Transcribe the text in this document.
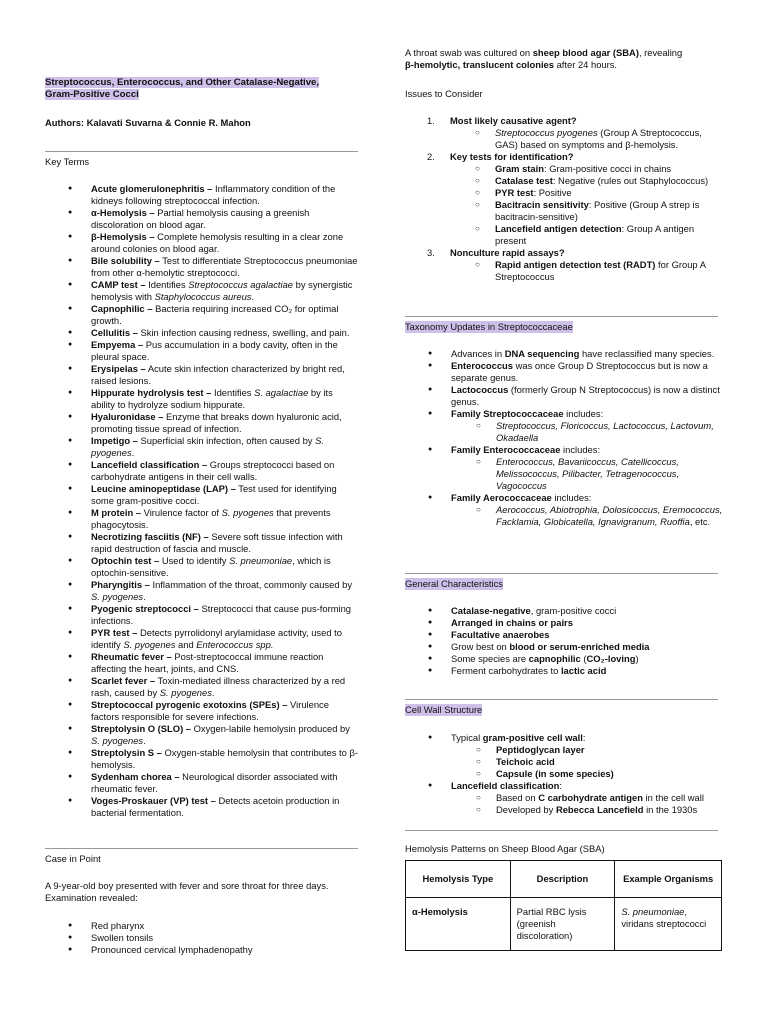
Streptococcus, Enterococcus, and Other Catalase-Negative,
Gram-Positive Cocci
Authors: Kalavati Suvarna & Connie R. Mahon
Key Terms
● Acute glomerulonephritis – Inflammatory condition of the kidneys following streptococcal infection.
● α-Hemolysis – Partial hemolysis causing a greenish discoloration on blood agar.
● β-Hemolysis – Complete hemolysis resulting in a clear zone around colonies on blood agar.
● Bile solubility – Test to differentiate Streptococcus pneumoniae from other α-hemolytic streptococci.
● CAMP test – Identifies Streptococcus agalactiae by synergistic hemolysis with Staphylococcus aureus.
● Capnophilic – Bacteria requiring increased CO₂ for optimal growth.
● Cellulitis – Skin infection causing redness, swelling, and pain.
● Empyema – Pus accumulation in a body cavity, often in the pleural space.
● Erysipelas – Acute skin infection characterized by bright red, raised lesions.
● Hippurate hydrolysis test – Identifies S. agalactiae by its ability to hydrolyze sodium hippurate.
● Hyaluronidase – Enzyme that breaks down hyaluronic acid, promoting tissue spread of infection.
● Impetigo – Superficial skin infection, often caused by S. pyogenes.
● Lancefield classification – Groups streptococci based on carbohydrate antigens in their cell walls.
● Leucine aminopeptidase (LAP) – Test used for identifying some gram-positive cocci.
● M protein – Virulence factor of S. pyogenes that prevents phagocytosis.
● Necrotizing fasciitis (NF) – Severe soft tissue infection with rapid destruction of fascia and muscle.
● Optochin test – Used to identify S. pneumoniae, which is optochin-sensitive.
● Pharyngitis – Inflammation of the throat, commonly caused by S. pyogenes.
● Pyogenic streptococci – Streptococci that cause pus-forming infections.
● PYR test – Detects pyrrolidonyl arylamidase activity, used to identify S. pyogenes and Enterococcus spp.
● Rheumatic fever – Post-streptococcal immune reaction affecting the heart, joints, and CNS.
● Scarlet fever – Toxin-mediated illness characterized by a red rash, caused by S. pyogenes.
● Streptococcal pyrogenic exotoxins (SPEs) – Virulence factors responsible for severe infections.
● Streptolysin O (SLO) – Oxygen-labile hemolysin produced by S. pyogenes.
● Streptolysin S – Oxygen-stable hemolysin that contributes to β-hemolysis.
● Sydenham chorea – Neurological disorder associated with rheumatic fever.
● Voges-Proskauer (VP) test – Detects acetoin production in bacterial fermentation.
Case in Point
A 9-year-old boy presented with fever and sore throat for three days.
Examination revealed:
● Red pharynx
● Swollen tonsils
● Pronounced cervical lymphadenopathy
A throat swab was cultured on sheep blood agar (SBA), revealing
β-hemolytic, translucent colonies after 24 hours.
Issues to Consider
1. Most likely causative agent?
○ Streptococcus pyogenes (Group A Streptococcus, GAS) based on symptoms and β-hemolysis.
2. Key tests for identification?
○ Gram stain: Gram-positive cocci in chains
○ Catalase test: Negative (rules out Staphylococcus)
○ PYR test: Positive
○ Bacitracin sensitivity: Positive (Group A strep is bacitracin-sensitive)
○ Lancefield antigen detection: Group A antigen present
3. Nonculture rapid assays?
○ Rapid antigen detection test (RADT) for Group A Streptococcus
Taxonomy Updates in Streptococcaceae
● Advances in DNA sequencing have reclassified many species.
● Enterococcus was once Group D Streptococcus but is now a separate genus.
● Lactococcus (formerly Group N Streptococcus) is now a distinct genus.
● Family Streptococcaceae includes:
○ Streptococcus, Floricoccus, Lactococcus, Lactovum, Okadaella
● Family Enterococcaceae includes:
○ Enterococcus, Bavariicoccus, Catellicoccus, Melissococcus, Pilibacter, Tetragenococcus, Vagococcus
● Family Aerococcaceae includes:
○ Aerococcus, Abiotrophia, Dolosicoccus, Eremococcus, Facklamia, Globicatella, Ignavigranum, Ruoffia, etc.
General Characteristics
● Catalase-negative, gram-positive cocci
● Arranged in chains or pairs
● Facultative anaerobes
● Grow best on blood or serum-enriched media
● Some species are capnophilic (CO₂-loving)
● Ferment carbohydrates to lactic acid
Cell Wall Structure
● Typical gram-positive cell wall:
○ Peptidoglycan layer
○ Teichoic acid
○ Capsule (in some species)
● Lancefield classification:
○ Based on C carbohydrate antigen in the cell wall
○ Developed by Rebecca Lancefield in the 1930s
Hemolysis Patterns on Sheep Blood Agar (SBA)
Hemolysis Type	Description	Example Organisms
α-Hemolysis	Partial RBC lysis (greenish discoloration)	S. pneumoniae, viridans streptococci
